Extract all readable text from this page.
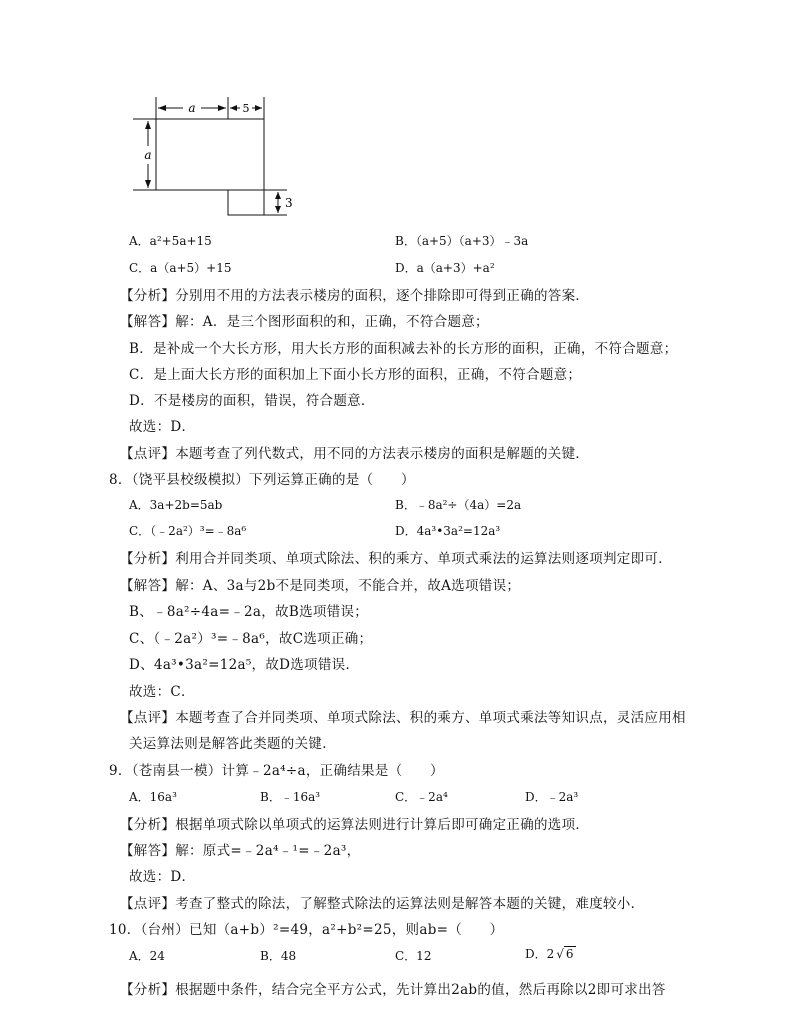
a	5
a
3
A．a²+5a+15	B．（a+5）（a+3）﹣3a
C．a（a+5）+15	D．a（a+3）+a²
【分析】分别用不用的方法表示楼房的面积，逐个排除即可得到正确的答案．
【解答】解：A．是三个图形面积的和，正确，不符合题意；
B．是补成一个大长方形，用大长方形的面积减去补的长方形的面积，正确，不符合题意；
C．是上面大长方形的面积加上下面小长方形的面积，正确，不符合题意；
D．不是楼房的面积，错误，符合题意．
故选：D．
【点评】本题考查了列代数式，用不同的方法表示楼房的面积是解题的关键．
8．（饶平县校级模拟）下列运算正确的是（　　）
A．3a+2b=5ab	B．﹣8a²÷（4a）=2a
C．（﹣2a²）³=﹣8a⁶	D．4a³•3a²=12a³
【分析】利用合并同类项、单项式除法、积的乘方、单项式乘法的运算法则逐项判定即可．
【解答】解：A、3a与2b不是同类项，不能合并，故A选项错误；
B、﹣8a²÷4a=﹣2a，故B选项错误；
C、（﹣2a²）³=﹣8a⁶，故C选项正确；
D、4a³•3a²=12a⁵，故D选项错误．
故选：C．
【点评】本题考查了合并同类项、单项式除法、积的乘方、单项式乘法等知识点，灵活应用相
关运算法则是解答此类题的关键．
9．（苍南县一模）计算﹣2a⁴÷a，正确结果是（　　）
A．16a³	B．﹣16a³	C．﹣2a⁴	D．﹣2a³
【分析】根据单项式除以单项式的运算法则进行计算后即可确定正确的选项．
【解答】解：原式=﹣2a⁴﹣¹=﹣2a³，
故选：D．
【点评】考查了整式的除法，了解整式除法的运算法则是解答本题的关键，难度较小．
10．（台州）已知（a+b）²=49，a²+b²=25，则ab=（　　）
A．24	B．48	C．12	D．2 √ 6
【分析】根据题中条件，结合完全平方公式，先计算出2ab的值，然后再除以2即可求出答
